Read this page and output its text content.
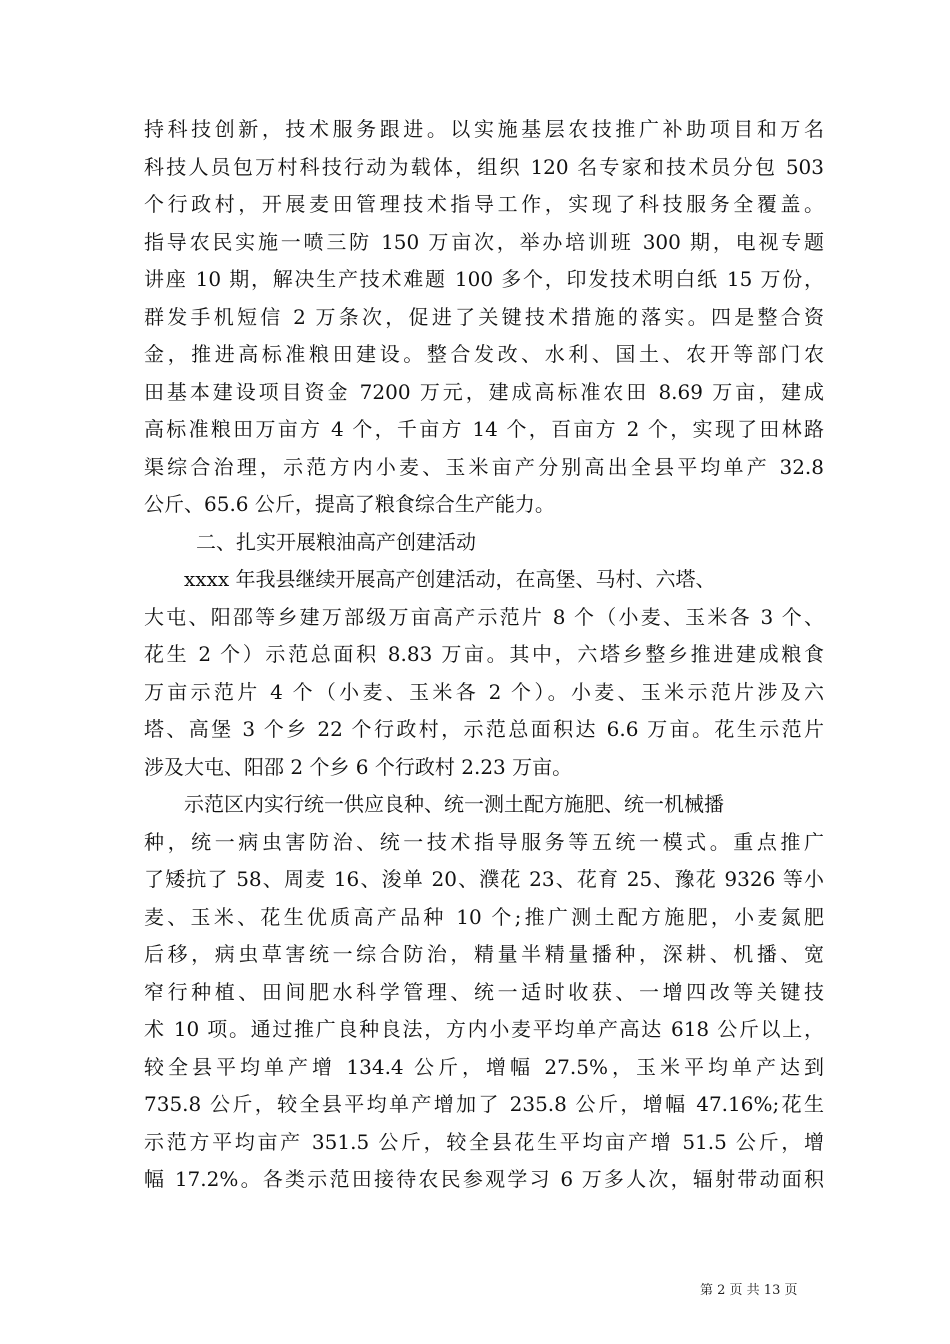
持科技创新，技术服务跟进。以实施基层农技推广补助项目和万名
科技人员包万村科技行动为载体，组织 120 名专家和技术员分包 503
个行政村，开展麦田管理技术指导工作，实现了科技服务全覆盖。
指导农民实施一喷三防 150 万亩次，举办培训班 300 期，电视专题
讲座 10 期，解决生产技术难题 100 多个，印发技术明白纸 15 万份，
群发手机短信 2 万条次，促进了关键技术措施的落实。四是整合资
金，推进高标准粮田建设。整合发改、水利、国土、农开等部门农
田基本建设项目资金 7200 万元，建成高标准农田 8.69 万亩，建成
高标准粮田万亩方 4 个，千亩方 14 个，百亩方 2 个，实现了田林路
渠综合治理，示范方内小麦、玉米亩产分别高出全县平均单产 32.8
公斤、65.6 公斤，提高了粮食综合生产能力。
二、扎实开展粮油高产创建活动
xxxx 年我县继续开展高产创建活动，在高堡、马村、六塔、
大屯、阳邵等乡建万部级万亩高产示范片 8 个（小麦、玉米各 3 个、
花生 2 个）示范总面积 8.83 万亩。其中，六塔乡整乡推进建成粮食
万亩示范片 4 个（小麦、玉米各 2 个）。小麦、玉米示范片涉及六
塔、高堡 3 个乡 22 个行政村，示范总面积达 6.6 万亩。花生示范片
涉及大屯、阳邵 2 个乡 6 个行政村 2.23 万亩。
示范区内实行统一供应良种、统一测土配方施肥、统一机械播
种，统一病虫害防治、统一技术指导服务等五统一模式。重点推广
了矮抗了 58、周麦 16、浚单 20、濮花 23、花育 25、豫花 9326 等小
麦、玉米、花生优质高产品种 10 个;推广测土配方施肥，小麦氮肥
后移，病虫草害统一综合防治，精量半精量播种，深耕、机播、宽
窄行种植、田间肥水科学管理、统一适时收获、一增四改等关键技
术 10 项。通过推广良种良法，方内小麦平均单产高达 618 公斤以上，
较全县平均单产增 134.4 公斤，增幅 27.5%，玉米平均单产达到
735.8 公斤，较全县平均单产增加了 235.8 公斤，增幅 47.16%;花生
示范方平均亩产 351.5 公斤，较全县花生平均亩产增 51.5 公斤，增
幅 17.2%。各类示范田接待农民参观学习 6 万多人次，辐射带动面积
第 2 页 共 13 页
